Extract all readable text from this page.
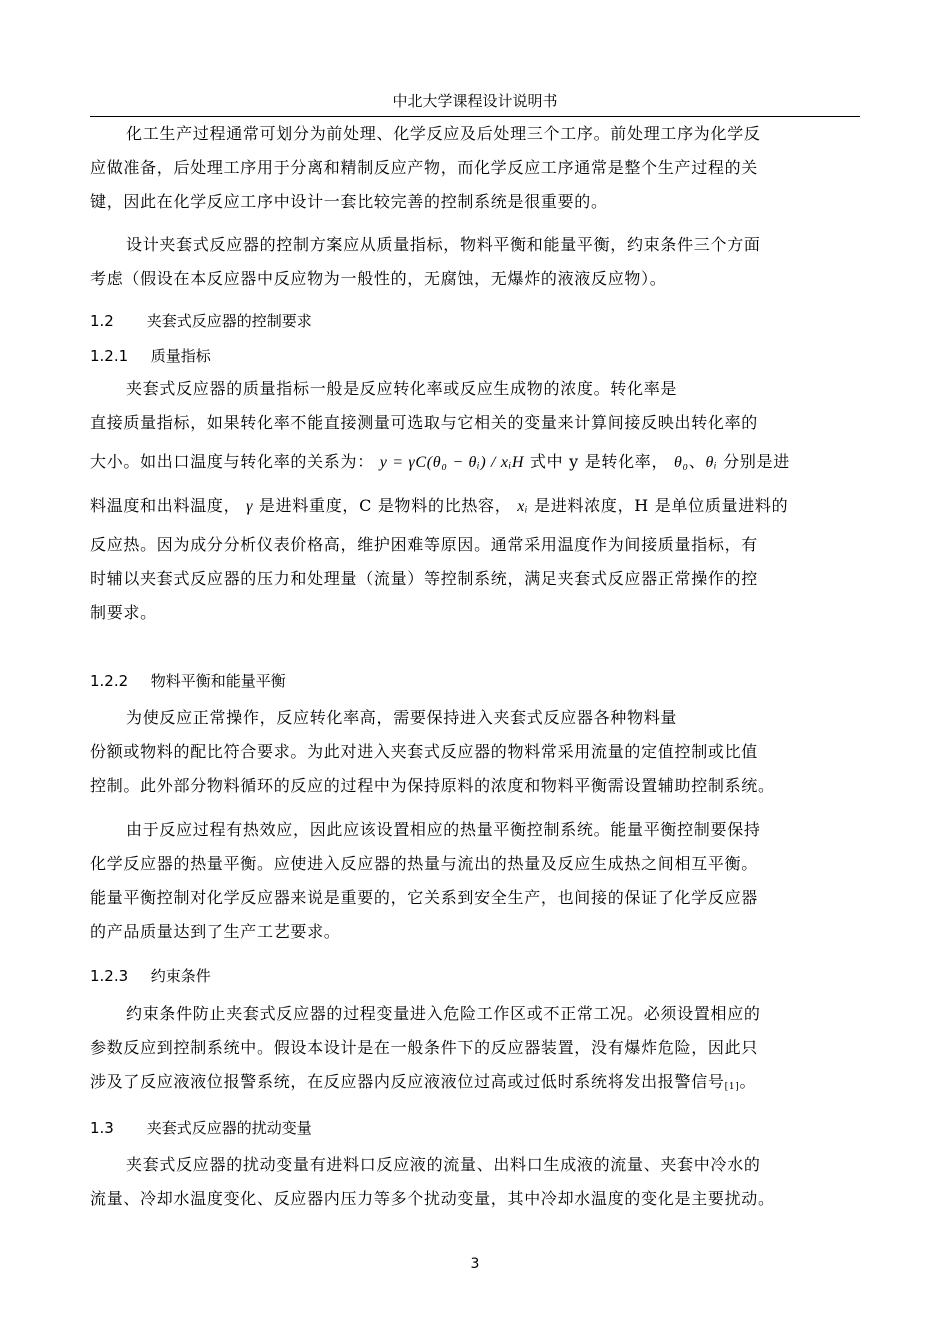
中北大学课程设计说明书
化工生产过程通常可划分为前处理、化学反应及后处理三个工序。前处理工序为化学反
应做准备，后处理工序用于分离和精制反应产物，而化学反应工序通常是整个生产过程的关
键，因此在化学反应工序中设计一套比较完善的控制系统是很重要的。
设计夹套式反应器的控制方案应从质量指标，物料平衡和能量平衡，约束条件三个方面
考虑（假设在本反应器中反应物为一般性的，无腐蚀，无爆炸的液液反应物）。
1.2 夹套式反应器的控制要求
1.2.1 质量指标
夹套式反应器的质量指标一般是反应转化率或反应生成物的浓度。转化率是
直接质量指标，如果转化率不能直接测量可选取与它相关的变量来计算间接反映出转化率的
大小。如出口温度与转化率的关系为： y = γC(θ₀ − θᵢ) / xᵢH 式中 y 是转化率， θ₀、θᵢ 分别是进
料温度和出料温度， γ 是进料重度，C 是物料的比热容， xᵢ 是进料浓度，H 是单位质量进料的
反应热。因为成分分析仪表价格高，维护困难等原因。通常采用温度作为间接质量指标，有
时辅以夹套式反应器的压力和处理量（流量）等控制系统，满足夹套式反应器正常操作的控
制要求。
1.2.2 物料平衡和能量平衡
为使反应正常操作，反应转化率高，需要保持进入夹套式反应器各种物料量
份额或物料的配比符合要求。为此对进入夹套式反应器的物料常采用流量的定值控制或比值
控制。此外部分物料循环的反应的过程中为保持原料的浓度和物料平衡需设置辅助控制系统。
由于反应过程有热效应，因此应该设置相应的热量平衡控制系统。能量平衡控制要保持
化学反应器的热量平衡。应使进入反应器的热量与流出的热量及反应生成热之间相互平衡。
能量平衡控制对化学反应器来说是重要的，它关系到安全生产，也间接的保证了化学反应器
的产品质量达到了生产工艺要求。
1.2.3 约束条件
约束条件防止夹套式反应器的过程变量进入危险工作区或不正常工况。必须设置相应的
参数反应到控制系统中。假设本设计是在一般条件下的反应器装置，没有爆炸危险，因此只
涉及了反应液液位报警系统，在反应器内反应液液位过高或过低时系统将发出报警信号[1]。
1.3 夹套式反应器的扰动变量
夹套式反应器的扰动变量有进料口反应液的流量、出料口生成液的流量、夹套中冷水的
流量、冷却水温度变化、反应器内压力等多个扰动变量，其中冷却水温度的变化是主要扰动。
3
